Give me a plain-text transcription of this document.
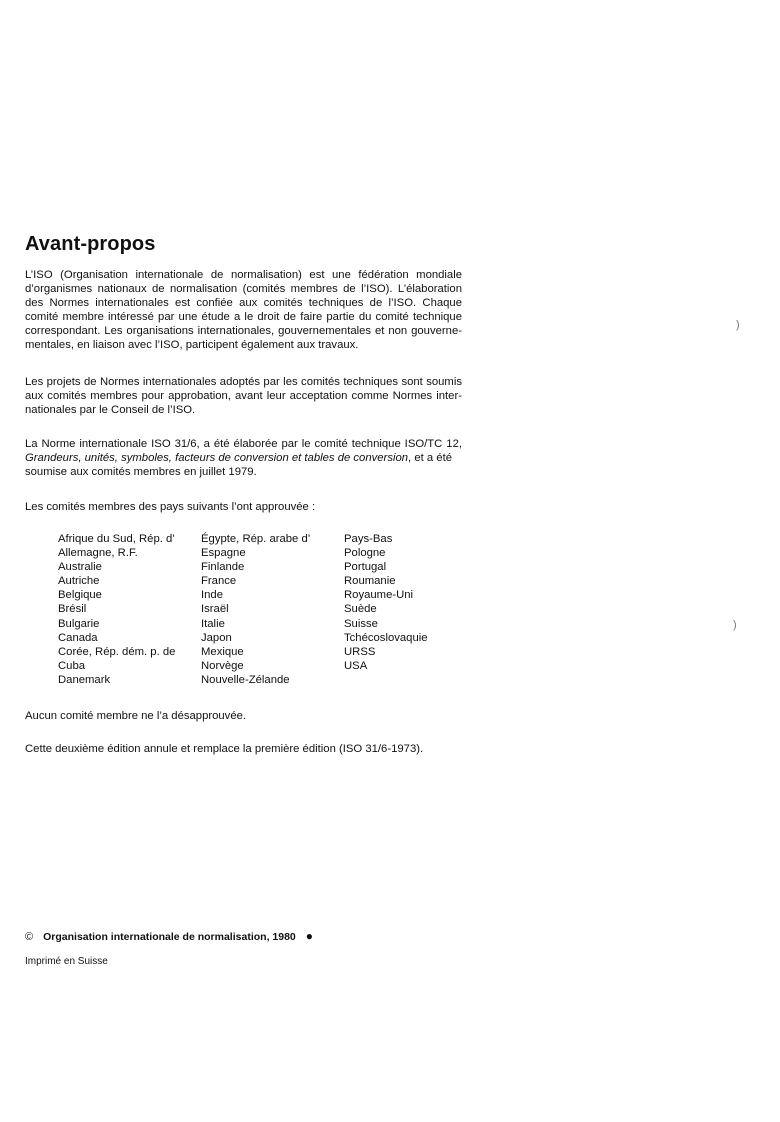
Avant-propos
L’ISO (Organisation internationale de normalisation) est une fédération mondiale
d’organismes nationaux de normalisation (comités membres de l’ISO). L’élaboration
des Normes internationales est confiée aux comités techniques de l’ISO. Chaque
comité membre intéressé par une étude a le droit de faire partie du comité technique
correspondant. Les organisations internationales, gouvernementales et non gouverne-
mentales, en liaison avec l’ISO, participent également aux travaux.
Les projets de Normes internationales adoptés par les comités techniques sont soumis
aux comités membres pour approbation, avant leur acceptation comme Normes inter-
nationales par le Conseil de l’ISO.
La Norme internationale ISO 31/6, a été élaborée par le comité technique ISO/TC 12,
Grandeurs, unités, symboles, facteurs de conversion et tables de conversion, et a été
soumise aux comités membres en juillet 1979.
Les comités membres des pays suivants l’ont approuvée :
Afrique du Sud, Rép. d’
Allemagne, R.F.
Australie
Autriche
Belgique
Brésil
Bulgarie
Canada
Corée, Rép. dém. p. de
Cuba
Danemark
Égypte, Rép. arabe d’
Espagne
Finlande
France
Inde
Israël
Italie
Japon
Mexique
Norvège
Nouvelle-Zélande
Pays-Bas
Pologne
Portugal
Roumanie
Royaume-Uni
Suède
Suisse
Tchécoslovaquie
URSS
USA
Aucun comité membre ne l’a désapprouvée.
Cette deuxième édition annule et remplace la première édition (ISO 31/6-1973).
© Organisation internationale de normalisation, 1980 ●
Imprimé en Suisse
)
)
